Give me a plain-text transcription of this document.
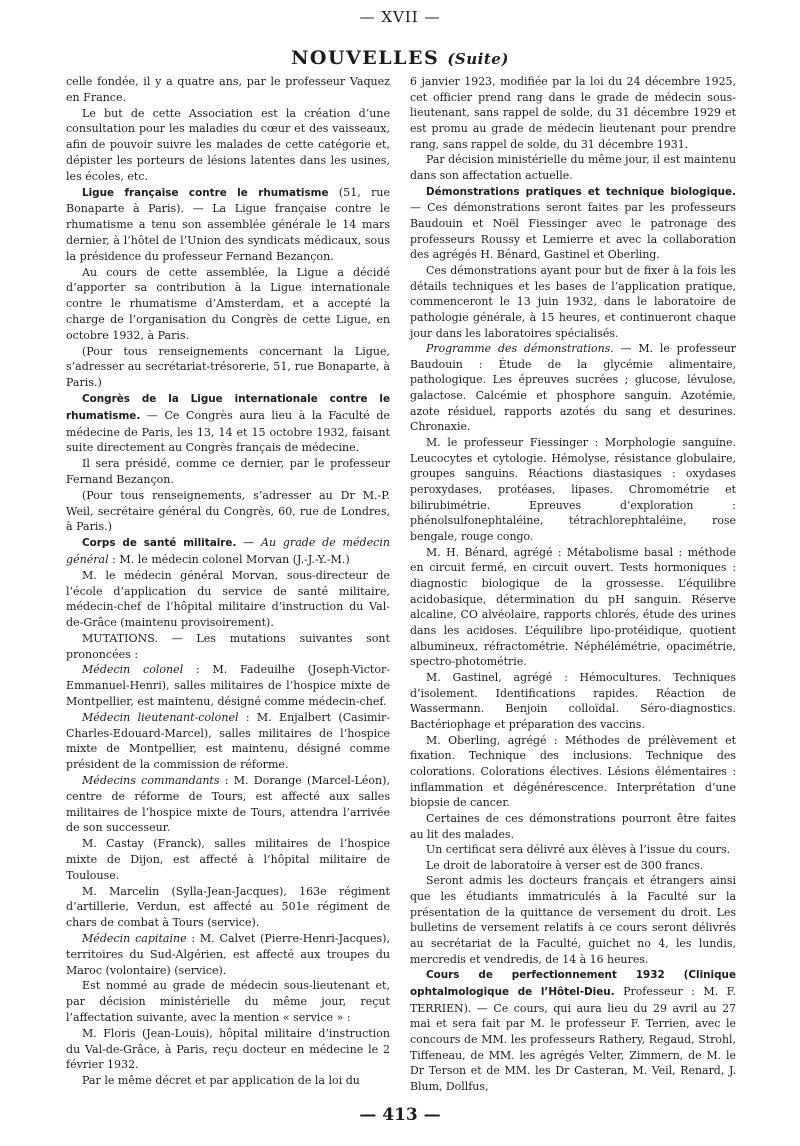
— XVII —
NOUVELLES (Suite)

celle fondée, il y a quatre ans, par le professeur Vaquez en France.

Le but de cette Association est la création d’une consultation pour les maladies du cœur et des vaisseaux, afin de pouvoir suivre les malades de cette catégorie et, dépister les porteurs de lésions latentes dans les usines, les écoles, etc.

Ligue française contre le rhumatisme (51, rue Bonaparte à Paris). — La Ligue française contre le rhumatisme a tenu son assemblée générale le 14 mars dernier, à l’hôtel de l’Union des syndicats médicaux, sous la présidence du professeur Fernand Bezançon.

Au cours de cette assemblée, la Ligue a décidé d’apporter sa contribution à la Ligue internationale contre le rhumatisme d’Amsterdam, et a accepté la charge de l’organisation du Congrès de cette Ligue, en octobre 1932, à Paris.

(Pour tous renseignements concernant la Ligue, s’adresser au secrétariat-trésorerie, 51, rue Bonaparte, à Paris.)

Congrès de la Ligue internationale contre le rhumatisme. — Ce Congrès aura lieu à la Faculté de médecine de Paris, les 13, 14 et 15 octobre 1932, faisant suite directement au Congrès français de médecine.

Il sera présidé, comme ce dernier, par le professeur Fernand Bezançon.

(Pour tous renseignements, s’adresser au Dr M.-P. Weil, secrétaire général du Congrès, 60, rue de Londres, à Paris.)

Corps de santé militaire. — Au grade de médecin général : M. le médecin colonel Morvan (J.-J.-Y.-M.)

M. le médecin général Morvan, sous-directeur de l’école d’application du service de santé militaire, médecin-chef de l’hôpital militaire d’instruction du Val-de-Grâce (maintenu provisoirement).

MUTATIONS. — Les mutations suivantes sont prononcées :

Médecin colonel : M. Fadeuilhe (Joseph-Victor-Emmanuel-Henri), salles militaires de l’hospice mixte de Montpellier, est maintenu, désigné comme médecin-chef.

Médecin lieutenant-colonel : M. Enjalbert (Casimir-Charles-Edouard-Marcel), salles militaires de l’hospice mixte de Montpellier, est maintenu, désigné comme président de la commission de réforme.

Médecins commandants : M. Dorange (Marcel-Léon), centre de réforme de Tours, est affecté aux salles militaires de l’hospice mixte de Tours, attendra l’arrivée de son successeur.

M. Castay (Franck), salles militaires de l’hospice mixte de Dijon, est affecté à l’hôpital militaire de Toulouse.

M. Marcelin (Sylla-Jean-Jacques), 163e régiment d’artillerie, Verdun, est affecté au 501e régiment de chars de combat à Tours (service).

Médecin capitaine : M. Calvet (Pierre-Henri-Jacques), territoires du Sud-Algérien, est affecté aux troupes du Maroc (volontaire) (service).

Est nommé au grade de médecin sous-lieutenant et, par décision ministérielle du même jour, reçut l’affectation suivante, avec la mention « service » :

M. Floris (Jean-Louis), hôpital militaire d’instruction du Val-de-Grâce, à Paris, reçu docteur en médecine le 2 février 1932.

Par le même décret et par application de la loi du

6 janvier 1923, modifiée par la loi du 24 décembre 1925, cet officier prend rang dans le grade de médecin sous-lieutenant, sans rappel de solde, du 31 décembre 1929 et est promu au grade de médecin lieutenant pour prendre rang, sans rappel de solde, du 31 décembre 1931.

Par décision ministérielle du même jour, il est maintenu dans son affectation actuelle.

Démonstrations pratiques et technique biologique. — Ces démonstrations seront faites par les professeurs Baudouin et Noël Fiessinger avec le patronage des professeurs Roussy et Lemierre et avec la collaboration des agrégés H. Bénard, Gastinel et Oberling.

Ces démonstrations ayant pour but de fixer à la fois les détails techniques et les bases de l’application pratique, commenceront le 13 juin 1932, dans le laboratoire de pathologie générale, à 15 heures, et continueront chaque jour dans les laboratoires spécialisés.

Programme des démonstrations. — M. le professeur Baudouin : Étude de la glycémie alimentaire, pathologique. Les épreuves sucrées ; glucose, lévulose, galactose. Calcémie et phosphore sanguin. Azotémie, azote résiduel, rapports azotés du sang et desurines. Chronaxie.

M. le professeur Fiessinger : Morphologie sanguine. Leucocytes et cytologie. Hémolyse, résistance globulaire, groupes sanguins. Réactions diastasiques : oxydases peroxydases, protéases, lipases. Chromométrie et bilirubimétrie. Epreuves d’exploration : phénolsulfonephtaléine, tétrachlorephtaléine, rose bengale, rouge congo.

M. H. Bénard, agrégé : Métabolisme basal : méthode en circuit fermé, en circuit ouvert. Tests hormoniques : diagnostic biologique de la grossesse. L’équilibre acidobasique, détermination du pH sanguin. Réserve alcaline, CO alvéolaire, rapports chlorés, étude des urines dans les acidoses. L’équilibre lipo-protéidique, quotient albumineux, réfractométrie. Néphélémétrie, opacimétrie, spectro-photométrie.

M. Gastinel, agrégé : Hémocultures. Techniques d’isolement. Identifications rapides. Réaction de Wassermann. Benjoin colloïdal. Séro-diagnostics. Bactériophage et préparation des vaccins.

M. Oberling, agrégé : Méthodes de prélèvement et fixation. Technique des inclusions. Technique des colorations. Colorations électives. Lésions élémentaires : inflammation et dégénérescence. Interprétation d’une biopsie de cancer.

Certaines de ces démonstrations pourront être faites au lit des malades.

Un certificat sera délivré aux élèves à l’issue du cours.

Le droit de laboratoire à verser est de 300 francs.

Seront admis les docteurs français et étrangers ainsi que les étudiants immatriculés à la Faculté sur la présentation de la quittance de versement du droit. Les bulletins de versement relatifs à ce cours seront délivrés au secrétariat de la Faculté, guichet no 4, les lundis, mercredis et vendredis, de 14 à 16 heures.

Cours de perfectionnement 1932 (Clinique ophtalmologique de l’Hôtel-Dieu. Professeur : M. F. TERRIEN). — Ce cours, qui aura lieu du 29 avril au 27 mai et sera fait par M. le professeur F. Terrien, avec le concours de MM. les professeurs Rathery, Regaud, Strohl, Tiffeneau, de MM. les agrégés Velter, Zimmern, de M. le Dr Terson et de MM. les Dr Casteran, M. Veil, Renard, J. Blum, Dollfus,

— 413 —
